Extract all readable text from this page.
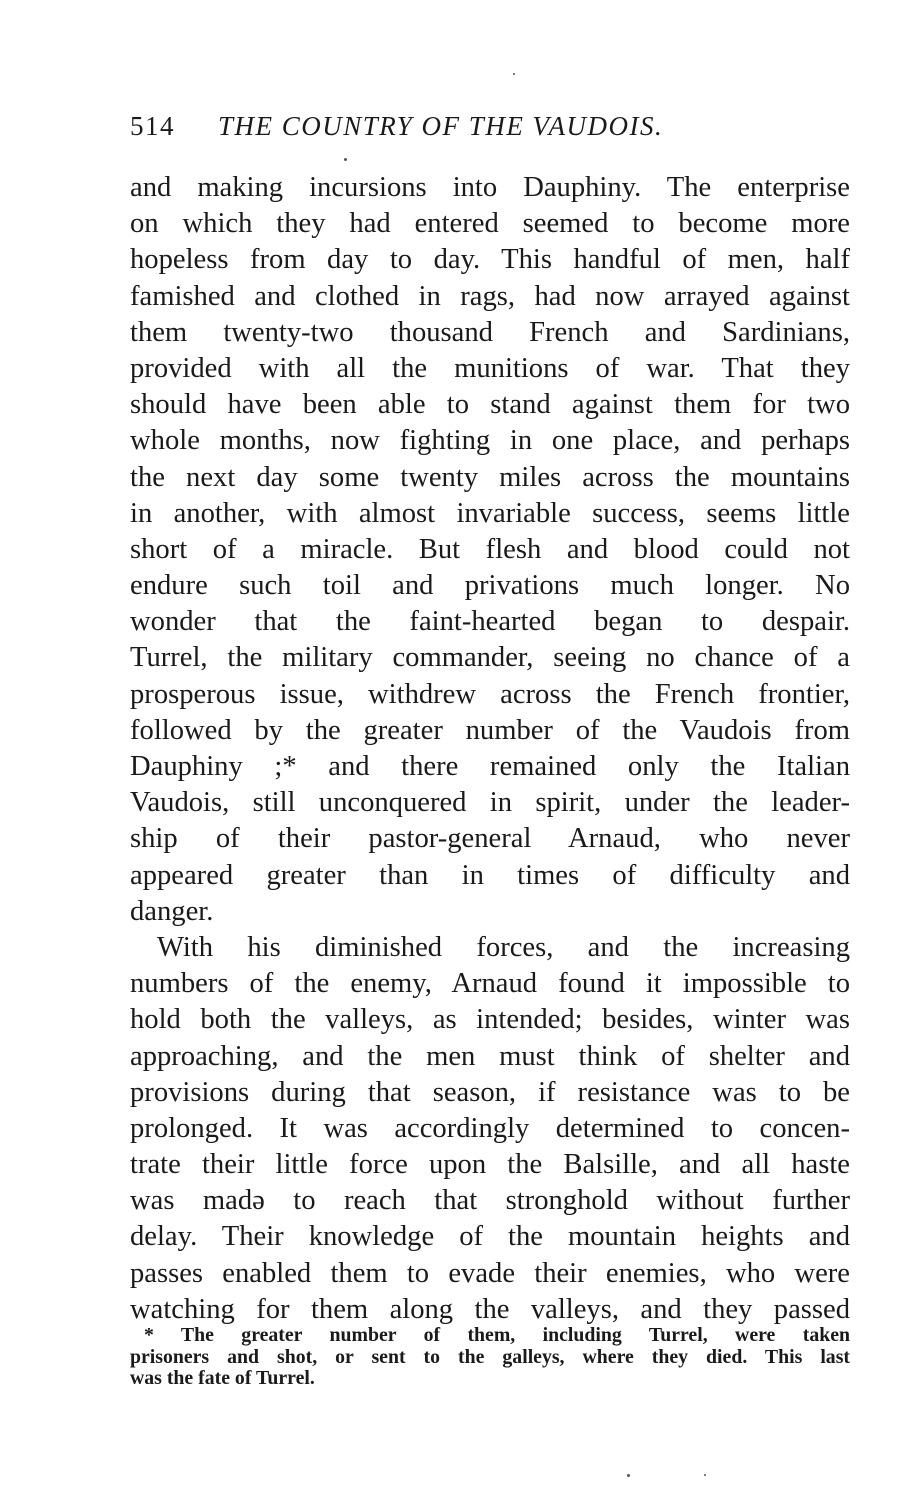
514 THE COUNTRY OF THE VAUDOIS.
and making incursions into Dauphiny. The enterprise
on which they had entered seemed to become more
hopeless from day to day. This handful of men, half
famished and clothed in rags, had now arrayed against
them twenty-two thousand French and Sardinians,
provided with all the munitions of war. That they
should have been able to stand against them for two
whole months, now fighting in one place, and perhaps
the next day some twenty miles across the mountains
in another, with almost invariable success, seems little
short of a miracle. But flesh and blood could not
endure such toil and privations much longer. No
wonder that the faint-hearted began to despair.
Turrel, the military commander, seeing no chance of a
prosperous issue, withdrew across the French frontier,
followed by the greater number of the Vaudois from
Dauphiny ;* and there remained only the Italian
Vaudois, still unconquered in spirit, under the leader-
ship of their pastor-general Arnaud, who never
appeared greater than in times of difficulty and
danger.
With his diminished forces, and the increasing
numbers of the enemy, Arnaud found it impossible to
hold both the valleys, as intended; besides, winter was
approaching, and the men must think of shelter and
provisions during that season, if resistance was to be
prolonged. It was accordingly determined to concen-
trate their little force upon the Balsille, and all haste
was madə to reach that stronghold without further
delay. Their knowledge of the mountain heights and
passes enabled them to evade their enemies, who were
watching for them along the valleys, and they passed
* The greater number of them, including Turrel, were taken
prisoners and shot, or sent to the galleys, where they died. This last
was the fate of Turrel.
